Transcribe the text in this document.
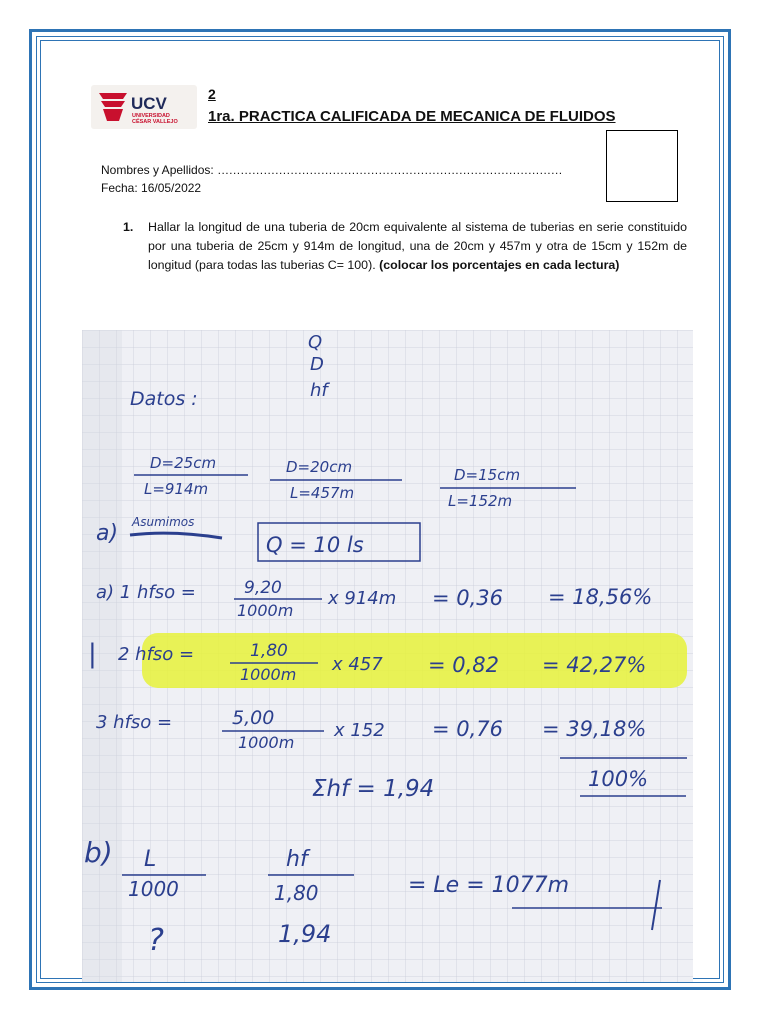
UCV
UNIVERSIDAD
CÉSAR VALLEJO
2
1ra. PRACTICA CALIFICADA DE MECANICA DE FLUIDOS
Nombres y Apellidos: ………………………………………………………………………………
Fecha: 16/05/2022
1. Hallar la longitud de una tuberia de 20cm equivalente al sistema de tuberias en serie constituido por una tuberia de 25cm y 914m de longitud, una de 20cm y 457m y otra de 15cm y 152m de longitud (para todas las tuberias C= 100). (colocar los porcentajes en cada lectura)
Q
D
hf
Datos :
D=25cm
L=914m
D=20cm
L=457m
D=15cm
L=152m
a) Asumimos
Q = 10 ls
a) 1 hfso =	9,20
1000m
x 914m = 0,36 = 18,56%
| 2 hfso =	1,80
1000m x 457 = 0,82 = 42,27%
3 hfso =	5,00
1000m
x 152 = 0,76 = 39,18%
Σhf = 1,94	100%
b) L
1000
?
hf
1,80
1,94
= Le = 1077m
